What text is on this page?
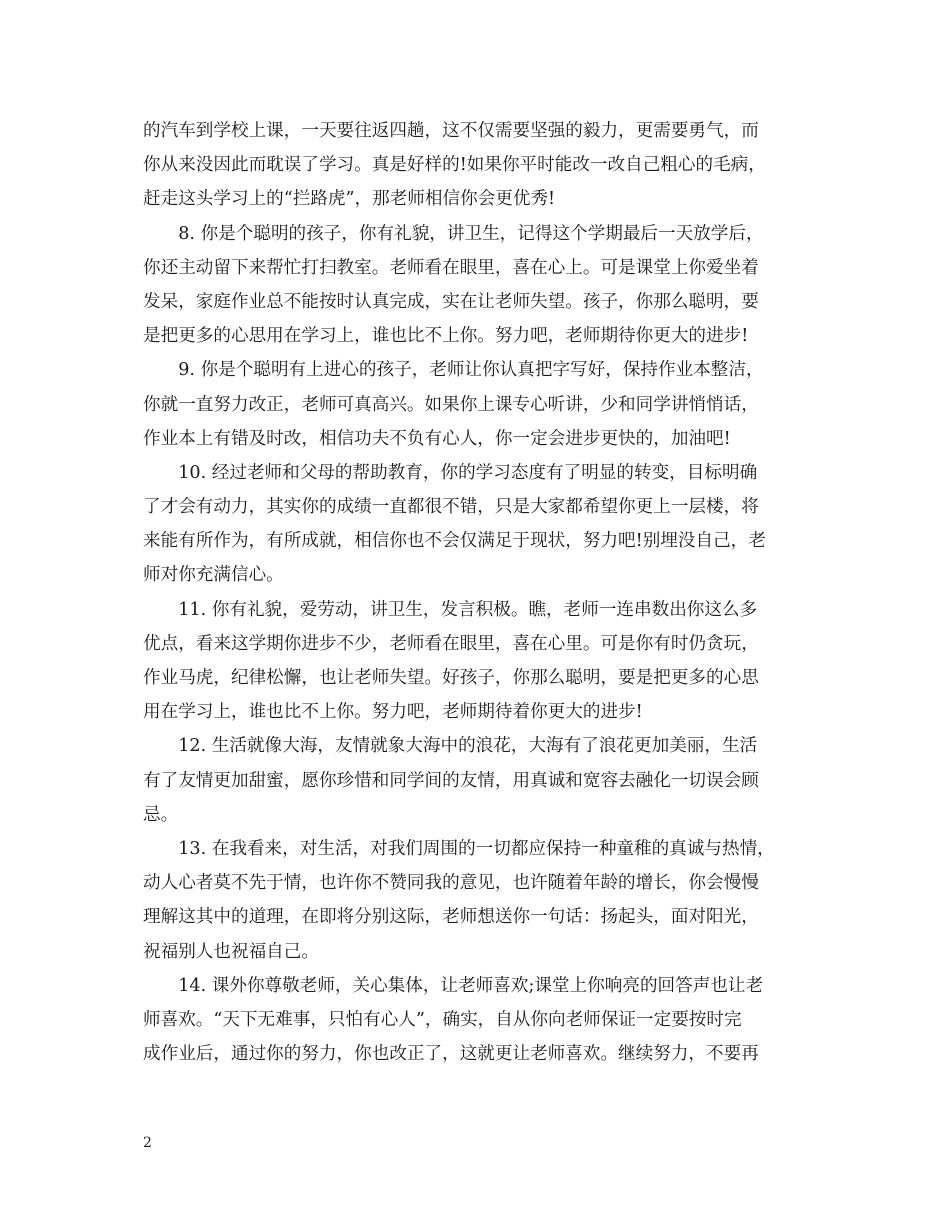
的汽车到学校上课，一天要往返四趟，这不仅需要坚强的毅力，更需要勇气，而
你从来没因此而耽误了学习。真是好样的!如果你平时能改一改自己粗心的毛病，
赶走这头学习上的“拦路虎”，那老师相信你会更优秀!
　　8. 你是个聪明的孩子，你有礼貌，讲卫生，记得这个学期最后一天放学后，
你还主动留下来帮忙打扫教室。老师看在眼里，喜在心上。可是课堂上你爱坐着
发呆，家庭作业总不能按时认真完成，实在让老师失望。孩子，你那么聪明，要
是把更多的心思用在学习上，谁也比不上你。努力吧，老师期待你更大的进步!
　　9. 你是个聪明有上进心的孩子，老师让你认真把字写好，保持作业本整洁，
你就一直努力改正，老师可真高兴。如果你上课专心听讲，少和同学讲悄悄话，
作业本上有错及时改，相信功夫不负有心人，你一定会进步更快的，加油吧!
　　10. 经过老师和父母的帮助教育，你的学习态度有了明显的转变，目标明确
了才会有动力，其实你的成绩一直都很不错，只是大家都希望你更上一层楼，将
来能有所作为，有所成就，相信你也不会仅满足于现状，努力吧!别埋没自己，老
师对你充满信心。
　　11. 你有礼貌，爱劳动，讲卫生，发言积极。瞧，老师一连串数出你这么多
优点，看来这学期你进步不少，老师看在眼里，喜在心里。可是你有时仍贪玩，
作业马虎，纪律松懈，也让老师失望。好孩子，你那么聪明，要是把更多的心思
用在学习上，谁也比不上你。努力吧，老师期待着你更大的进步!
　　12. 生活就像大海，友情就象大海中的浪花，大海有了浪花更加美丽，生活
有了友情更加甜蜜，愿你珍惜和同学间的友情，用真诚和宽容去融化一切误会顾
忌。
　　13. 在我看来，对生活，对我们周围的一切都应保持一种童稚的真诚与热情，
动人心者莫不先于情，也许你不赞同我的意见，也许随着年龄的增长，你会慢慢
理解这其中的道理，在即将分别这际，老师想送你一句话：扬起头，面对阳光，
祝福别人也祝福自己。
　　14. 课外你尊敬老师，关心集体，让老师喜欢;课堂上你响亮的回答声也让老
师喜欢。“天下无难事，只怕有心人”，确实，自从你向老师保证一定要按时完
成作业后，通过你的努力，你也改正了，这就更让老师喜欢。继续努力，不要再
2
